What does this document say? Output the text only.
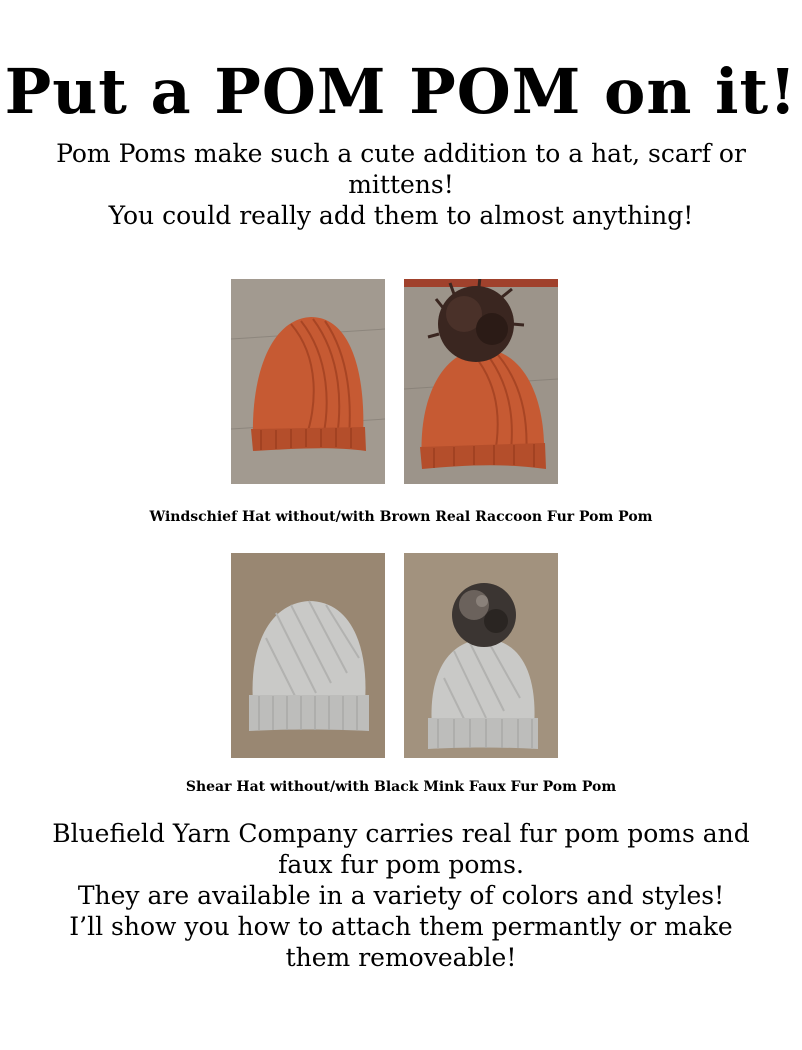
Put a POM POM on it!

Pom Poms make such a cute addition to a hat, scarf or mittens!

You could really add them to almost anything!

Windschief Hat without/with Brown Real Raccoon Fur Pom Pom
Shear Hat without/with Black Mink Faux Fur Pom Pom

Bluefield Yarn Company carries real fur pom poms and faux fur pom poms.

They are available in a variety of colors and styles!

I’ll show you how to attach them permantly or make them removeable!
